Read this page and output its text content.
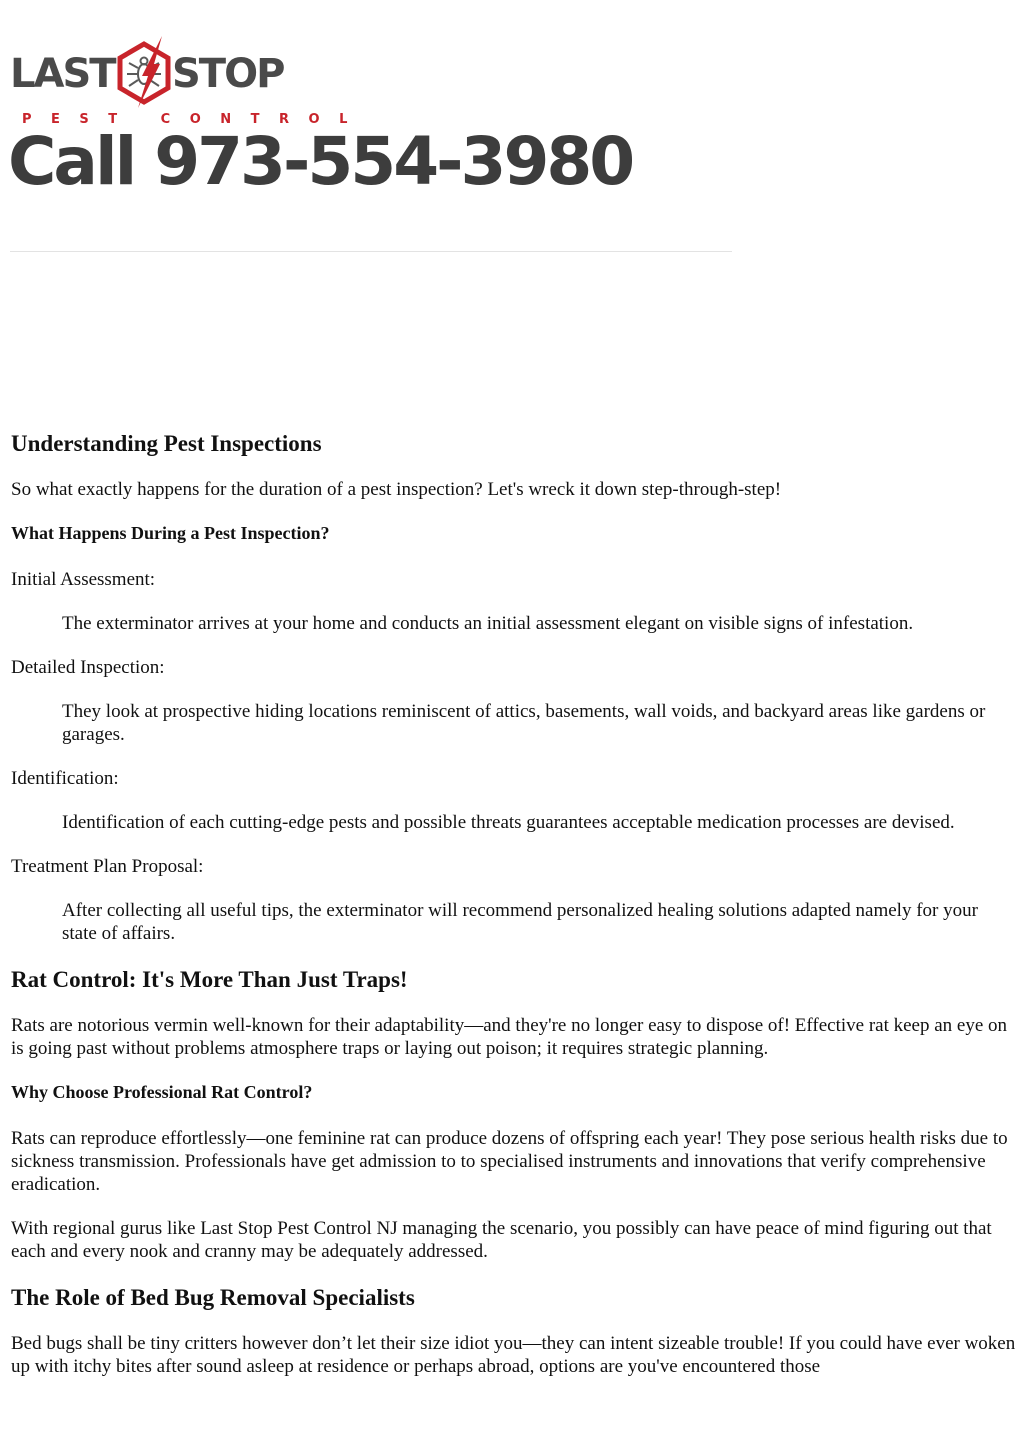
LAST STOP
PEST CONTROL
Call 973-554-3980
Understanding Pest Inspections

So what exactly happens for the duration of a pest inspection? Let's wreck it down step-through-step!

What Happens During a Pest Inspection?
Initial Assessment:
The exterminator arrives at your home and conducts an initial assessment elegant on visible signs of infestation.
Detailed Inspection:
They look at prospective hiding locations reminiscent of attics, basements, wall voids, and backyard areas like gardens or garages.
Identification:
Identification of each cutting-edge pests and possible threats guarantees acceptable medication processes are devised.
Treatment Plan Proposal:
After collecting all useful tips, the exterminator will recommend personalized healing solutions adapted namely for your state of affairs.
Rat Control: It's More Than Just Traps!

Rats are notorious vermin well-known for their adaptability—and they're no longer easy to dispose of! Effective rat keep an eye on is going past without problems atmosphere traps or laying out poison; it requires strategic planning.

Why Choose Professional Rat Control?

Rats can reproduce effortlessly—one feminine rat can produce dozens of offspring each year! They pose serious health risks due to sickness transmission. Professionals have get admission to to specialised instruments and innovations that verify comprehensive eradication.

With regional gurus like Last Stop Pest Control NJ managing the scenario, you possibly can have peace of mind figuring out that each and every nook and cranny may be adequately addressed.

The Role of Bed Bug Removal Specialists

Bed bugs shall be tiny critters however don’t let their size idiot you—they can intent sizeable trouble! If you could have ever woken up with itchy bites after sound asleep at residence or perhaps abroad, options are you've encountered those
